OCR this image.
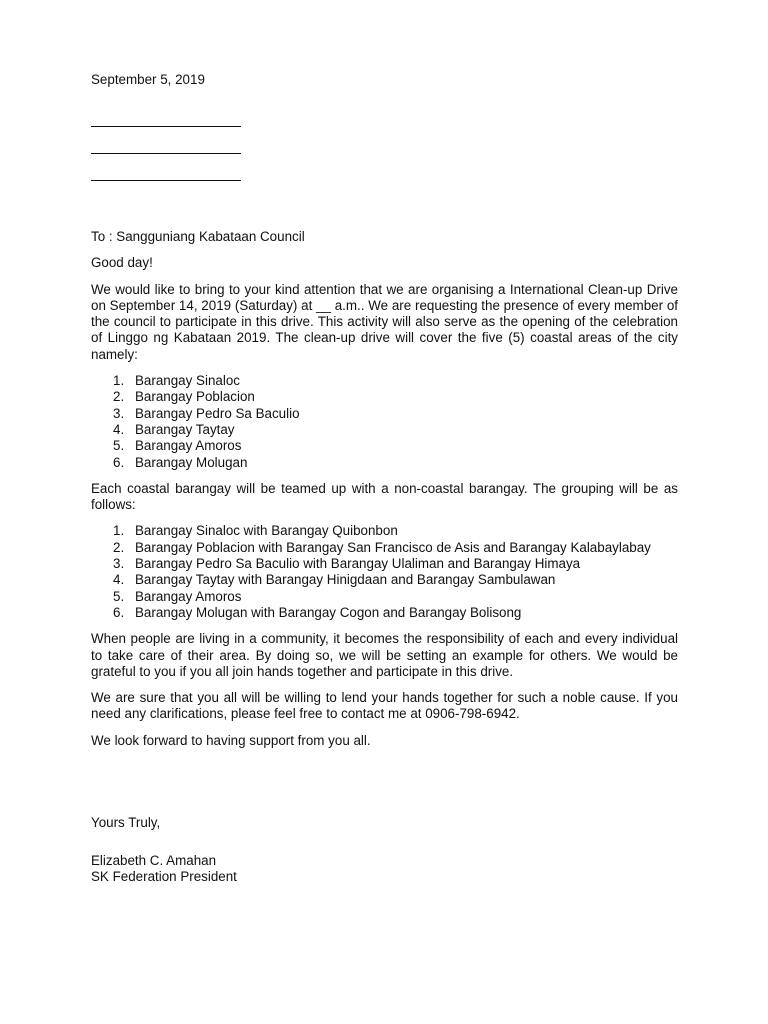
September 5, 2019

To : Sangguniang Kabataan Council

Good day!

We would like to bring to your kind attention that we are organising a International Clean-up Drive on September 14, 2019 (Saturday) at __ a.m.. We are requesting the presence of every member of the council to participate in this drive. This activity will also serve as the opening of the celebration of Linggo ng Kabataan 2019. The clean-up drive will cover the five (5) coastal areas of the city namely:

1. Barangay Sinaloc
2. Barangay Poblacion
3. Barangay Pedro Sa Baculio
4. Barangay Taytay
5. Barangay Amoros
6. Barangay Molugan

Each coastal barangay will be teamed up with a non-coastal barangay. The grouping will be as follows:

1. Barangay Sinaloc with Barangay Quibonbon
2. Barangay Poblacion with Barangay San Francisco de Asis and Barangay Kalabaylabay
3. Barangay Pedro Sa Baculio with Barangay Ulaliman and Barangay Himaya
4. Barangay Taytay with Barangay Hinigdaan and Barangay Sambulawan
5. Barangay Amoros
6. Barangay Molugan with Barangay Cogon and Barangay Bolisong

When people are living in a community, it becomes the responsibility of each and every individual to take care of their area. By doing so, we will be setting an example for others. We would be grateful to you if you all join hands together and participate in this drive.

We are sure that you all will be willing to lend your hands together for such a noble cause. If you need any clarifications, please feel free to contact me at 0906-798-6942.

We look forward to having support from you all.

Yours Truly,
Elizabeth C. Amahan
SK Federation President
